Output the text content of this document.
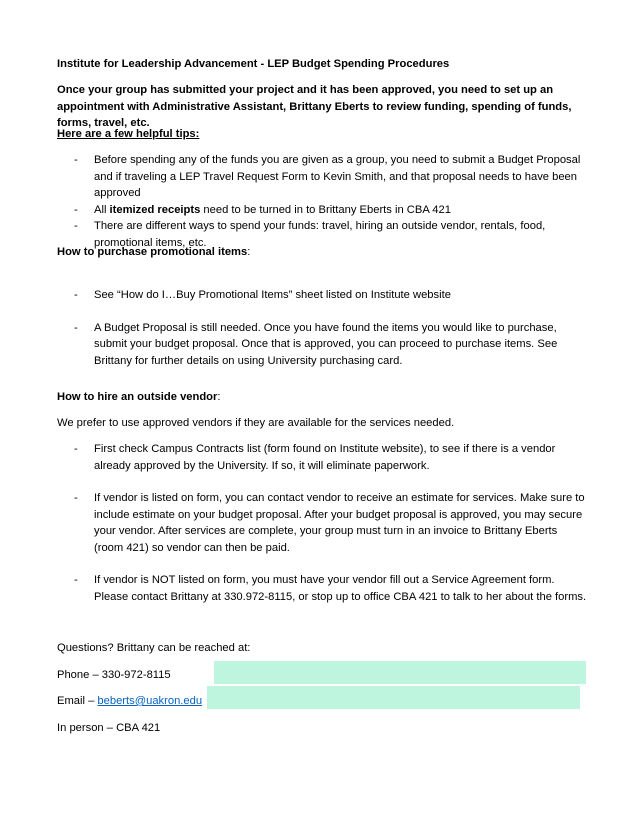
Institute for Leadership Advancement - LEP Budget Spending Procedures
Once your group has submitted your project and it has been approved, you need to set up an appointment with Administrative Assistant, Brittany Eberts to review funding, spending of funds, forms, travel, etc.
Here are a few helpful tips:
- Before spending any of the funds you are given as a group, you need to submit a Budget Proposal and if traveling a LEP Travel Request Form to Kevin Smith, and that proposal needs to have been approved
- All itemized receipts need to be turned in to Brittany Eberts in CBA 421
- There are different ways to spend your funds: travel, hiring an outside vendor, rentals, food, promotional items, etc.
How to purchase promotional items:
- See “How do I…Buy Promotional Items” sheet listed on Institute website
- A Budget Proposal is still needed. Once you have found the items you would like to purchase, submit your budget proposal. Once that is approved, you can proceed to purchase items. See Brittany for further details on using University purchasing card.
How to hire an outside vendor:
We prefer to use approved vendors if they are available for the services needed.
- First check Campus Contracts list (form found on Institute website), to see if there is a vendor already approved by the University. If so, it will eliminate paperwork.
- If vendor is listed on form, you can contact vendor to receive an estimate for services. Make sure to include estimate on your budget proposal. After your budget proposal is approved, you may secure your vendor. After services are complete, your group must turn in an invoice to Brittany Eberts (room 421) so vendor can then be paid.
- If vendor is NOT listed on form, you must have your vendor fill out a Service Agreement form. Please contact Brittany at 330.972-8115, or stop up to office CBA 421 to talk to her about the forms.
Questions? Brittany can be reached at:
Phone – 330-972-8115
Email – beberts@uakron.edu
In person – CBA 421
